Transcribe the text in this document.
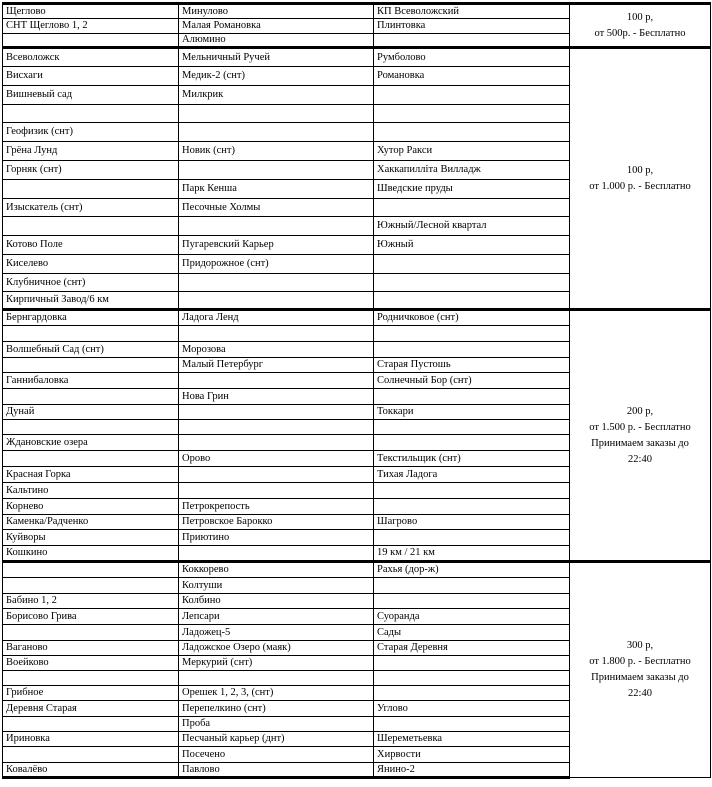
Щеглово	Минулово	КП Всеволожский	100 р,
от 500р. - Бесплатно

СНТ Щеглово 1, 2	Малая Романовка	Плинтовка	
	Алюмино		
Всеволожск	Мельничный Ручей	Румболово	100 р,
от 1.000 р. - Бесплатно

Висхаги	Медик-2 (снт)	Романовка	
Вишневый сад	Милкрик		

Геофизик (снт)			
Грёна Лунд	Новик (снт)	Хутор Ракси	
Горняк (снт)		Хаккапилліта Вилладж	
	Парк Кенша	Шведские пруды	
Изыскатель (снт)	Песочные Холмы		
		Южный/Лесной квартал	
Котово Поле	Пугаревский Карьер	Южный	
Киселево	Придорожное (снт)		
Клубничное (снт)			
Кирпичный Завод/6 км			
Бернгардовка	Ладога Ленд	Родничковое (снт)	200 р,
от 1.500 р. - Бесплатно
Принимаем заказы до
22:40

Волшебный Сад (снт)	Морозова		
	Малый Петербург	Старая Пустошь	
Ганнибаловка		Солнечный Бор (снт)	
	Нова Грин		
Дунай		Токкари	

Ждановские озера			
	Орово	Текстильщик (снт)	
Красная Горка		Тихая Ладога	
Кальтино			
Корнево	Петрокрепость		
Каменка/Радченко	Петровское Барокко	Шагрово	
Куйворы	Приютино		
Кошкино		19 км / 21 км	
	Коккорево	Рахья (дор-ж)	300 р,
от 1.800 р. - Бесплатно
Принимаем заказы до
22:40

	Колтуши		
Бабино 1, 2	Колбино		
Борисово Грива	Лепсари	Суоранда	
	Ладожец-5	Сады	
Ваганово	Ладожское Озеро (маяк)	Старая Деревня	
Воейково	Меркурий (снт)		

Грибное	Орешек 1, 2, 3, (снт)		
Деревня Старая	Перепелкино (снт)	Углово	
	Проба		
Ириновка	Песчаный карьер (днт)	Шереметьевка	
	Посечено	Хирвости	
Ковалёво	Павлово	Янино-2	
